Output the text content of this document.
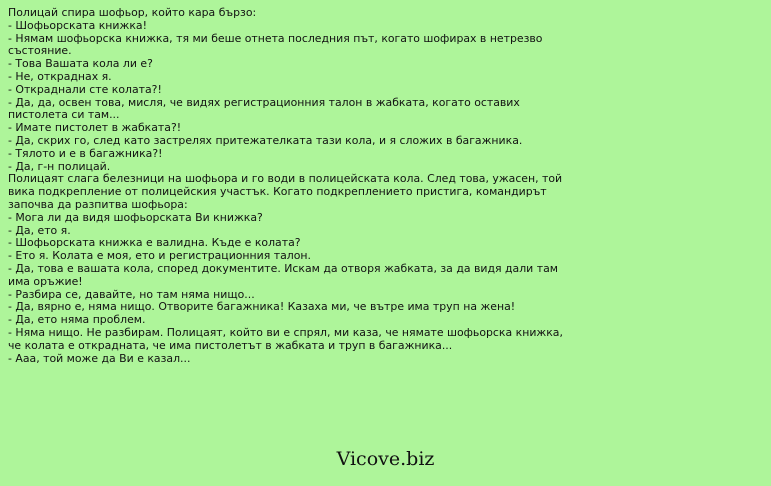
Полицай спира шофьор, който кара бързо:
- Шофьорската книжка!
- Нямам шофьорска книжка, тя ми беше отнета последния път, когато шофирах в нетрезво състояние.
- Това Вашата кола ли е?
- Не, откраднах я.
- Откраднали сте колата?!
- Да, да, освен това, мисля, че видях регистрационния талон в жабката, когато оставих пистолета си там...
- Имате пистолет в жабката?!
- Да, скрих го, след като застрелях притежателката тази кола, и я сложих в багажника.
- Тялото и е в багажника?!
- Да, г-н полицай.
Полицаят слага белезници на шофьора и го води в полицейската кола. След това, ужасен, той вика подкрепление от полицейския участък. Когато подкреплението пристига, командирът започва да разпитва шофьора:
- Мога ли да видя шофьорската Ви книжка?
- Да, ето я.
- Шофьорската книжка е валидна. Къде е колата?
- Ето я. Колата е моя, ето и регистрационния талон.
- Да, това е вашата кола, според документите. Искам да отворя жабката, за да видя дали там има оръжие!
- Разбира се, давайте, но там няма нищо...
- Да, вярно е, няма нищо. Отворите багажника! Казаха ми, че вътре има труп на жена!
- Да, ето няма проблем.
- Няма нищо. Не разбирам. Полицаят, който ви е спрял, ми каза, че нямате шофьорска книжка, че колата е открадната, че има пистолетът в жабката и труп в багажника...
- Ааа, той може да Ви е казал...
Vicove.biz
